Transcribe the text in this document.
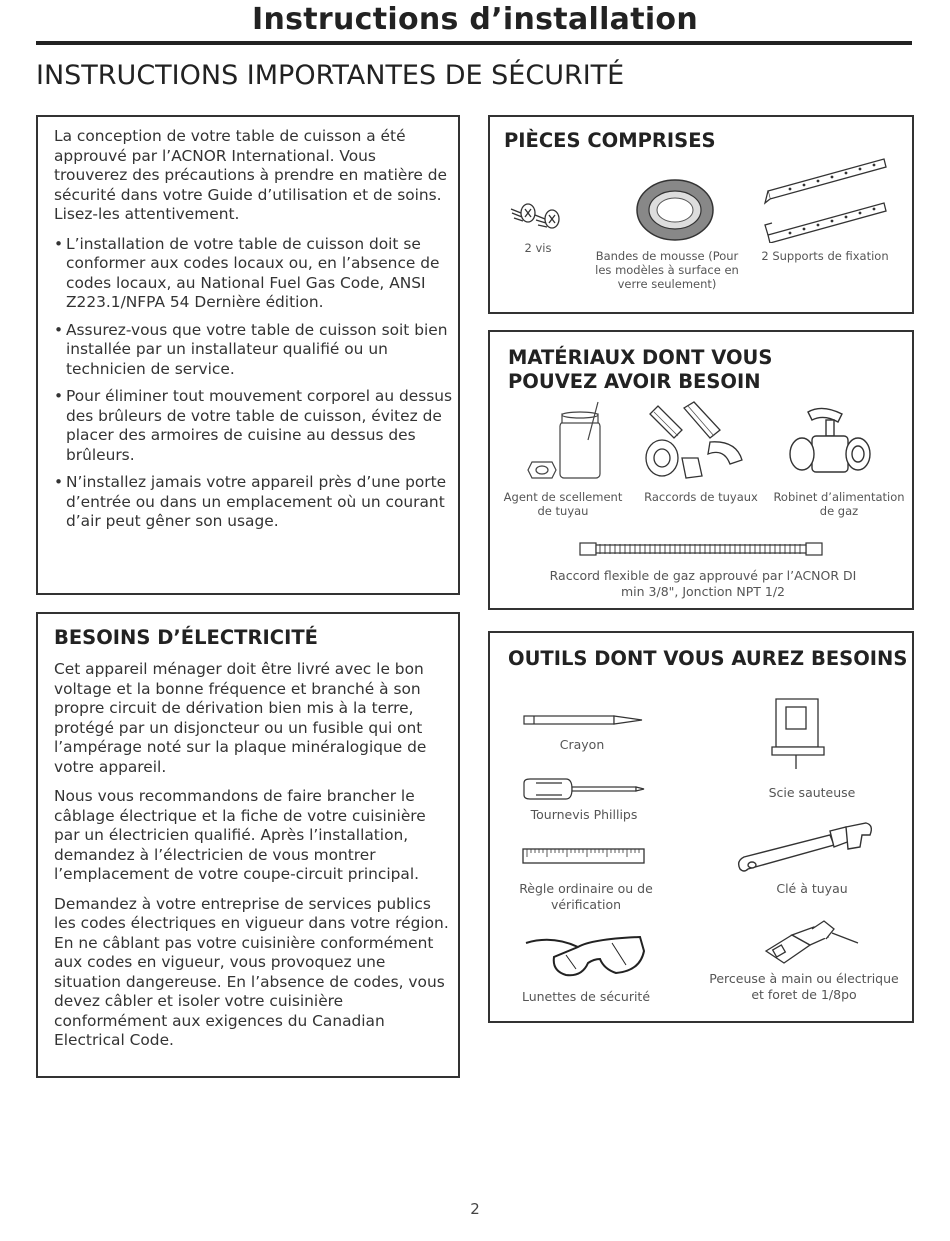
Instructions d’installation
INSTRUCTIONS IMPORTANTES DE SÉCURITÉ

La conception de votre table de cuisson a été approuvé par l’ACNOR International. Vous trouverez des précautions à prendre en matière de sécurité dans votre Guide d’utilisation et de soins. Lisez-les attentivement.

• L’installation de votre table de cuisson doit se conformer aux codes locaux ou, en l’absence de codes locaux, au National Fuel Gas Code, ANSI Z223.1/NFPA 54 Dernière édition.
• Assurez-vous que votre table de cuisson soit bien installée par un installateur qualifié ou un technicien de service.
• Pour éliminer tout mouvement corporel au dessus des brûleurs de votre table de cuisson, évitez de placer des armoires de cuisine au dessus des brûleurs.
• N’installez jamais votre appareil près d’une porte d’entrée ou dans un emplacement où un courant d’air peut gêner son usage.
BESOINS D’ÉLECTRICITÉ

Cet appareil ménager doit être livré avec le bon voltage et la bonne fréquence et branché à son propre circuit de dérivation bien mis à la terre, protégé par un disjoncteur ou un fusible qui ont l’ampérage noté sur la plaque minéralogique de votre appareil.

Nous vous recommandons de faire brancher le câblage électrique et la fiche de votre cuisinière par un électricien qualifié. Après l’installation, demandez à l’électricien de vous montrer l’emplacement de votre coupe-circuit principal.

Demandez à votre entreprise de services publics les codes électriques en vigueur dans votre région. En ne câblant pas votre cuisinière conformément aux codes en vigueur, vous provoquez une situation dangereuse. En l’absence de codes, vous devez câbler et isoler votre cuisinière conformément aux exigences du Canadian Electrical Code.

PIÈCES COMPRISES
2 vis
Bandes de mousse (Pour les modèles à surface en verre seulement)
2 Supports de fixation
MATÉRIAUX DONT VOUS POUVEZ AVOIR BESOIN
Agent de scellement de tuyau
Raccords de tuyaux	Robinet d’alimentation de gaz
Raccord flexible de gaz approuvé par l’ACNOR DI min 3/8", Jonction NPT 1/2
OUTILS DONT VOUS AUREZ BESOINS
Crayon
Tournevis Phillips
Règle ordinaire ou de vérification
Lunettes de sécurité
Scie sauteuse
Clé à tuyau
Perceuse à main ou électrique et foret de 1/8po
2
